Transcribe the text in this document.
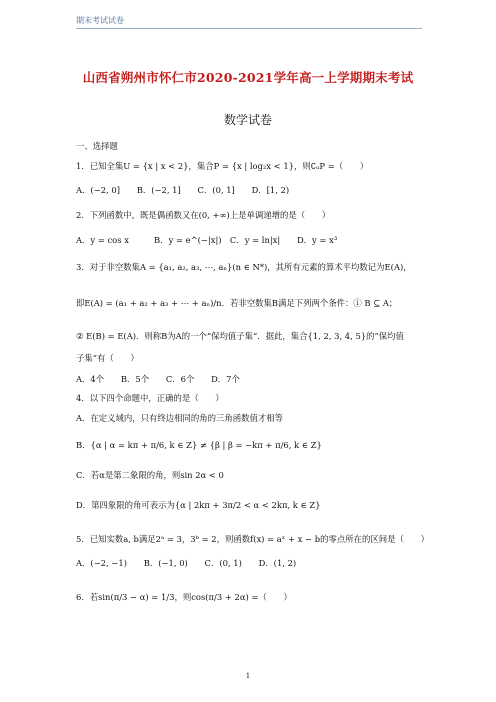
期末考试试卷
山西省朔州市怀仁市2020-2021学年高一上学期期末考试
数学试卷
一、选择题
1．已知全集U = {x | x < 2}，集合P = {x | log₂x < 1}，则∁ᵤP =（　　）
A．(−2, 0]　　B．(−2, 1]　　C．(0, 1]　　D．[1, 2)
2．下列函数中，既是偶函数又在(0, +∞)上是单调递增的是（　　）
A．y = cos x　　　B．y = e^(−|x|)　C．y = ln|x|　　D．y = x³
3．对于非空数集A = {a₁, a₂, a₃, ⋯, aₙ}(n ∈ N*)，其所有元素的算术平均数记为E(A)，
即E(A) = (a₁ + a₂ + a₃ + ⋯ + aₙ)/n．若非空数集B满足下列两个条件：① B ⊆ A；
② E(B) = E(A)．则称B为A的一个“保均值子集”．据此，集合{1, 2, 3, 4, 5}的“保均值
子集”有（　　）
A．4个　　B．5个　　C．6个　　D．7个
4．以下四个命题中，正确的是（　　）
A．在定义域内，只有终边相同的角的三角函数值才相等
B．{α | α = kπ + π/6, k ∈ Z} ≠ {β | β = −kπ + π/6, k ∈ Z}
C．若α是第二象限的角，则sin 2α < 0
D．第四象限的角可表示为{α | 2kπ + 3π/2 < α < 2kπ, k ∈ Z}
5．已知实数a, b满足2ᵃ = 3，3ᵇ = 2，则函数f(x) = aˣ + x − b的零点所在的区间是（　　）
A．(−2, −1)　　B．(−1, 0)　　C．(0, 1)　　D．(1, 2)
6．若sin(π/3 − α) = 1/3，则cos(π/3 + 2α) =（　　）
1
